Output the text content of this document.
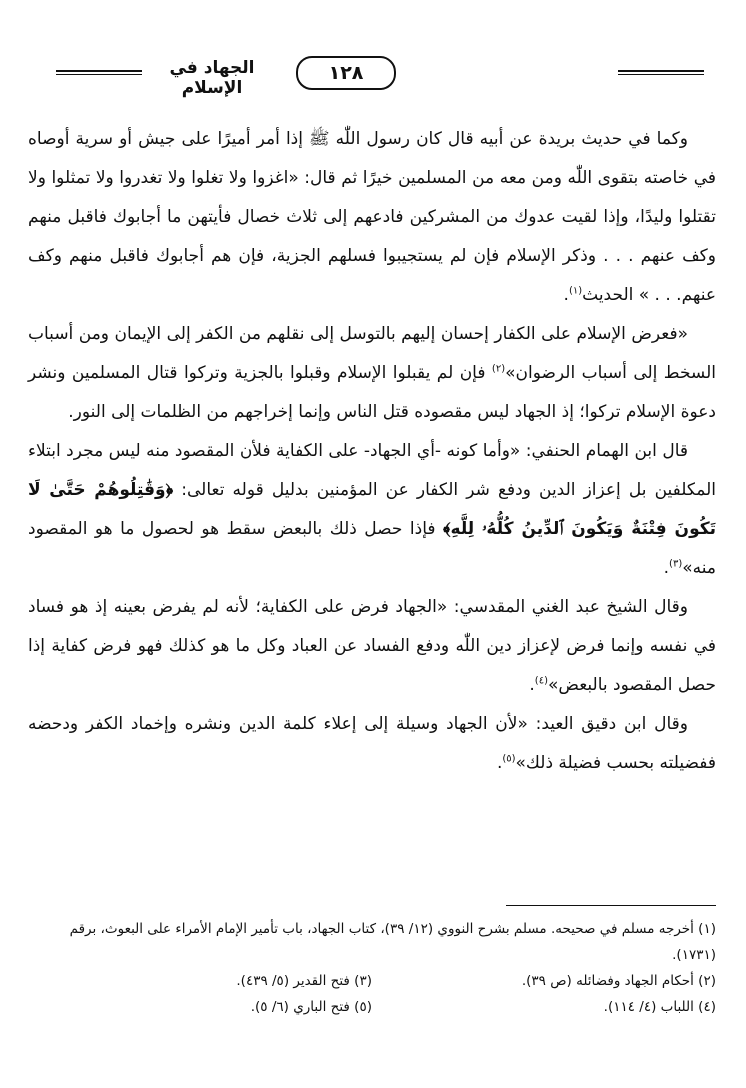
الجهاد في الإسلام
١٢٨

وكما في حديث بريدة عن أبيه قال كان رسول اللّٰه ﷺ إذا أمر أميرًا على جيش أو سرية أوصاه في خاصته بتقوى اللّٰه ومن معه من المسلمين خيرًا ثم قال: «اغزوا ولا تغلوا ولا تغدروا ولا تمثلوا ولا تقتلوا وليدًا، وإذا لقيت عدوك من المشركين فادعهم إلى ثلاث خصال فأيتهن ما أجابوك فاقبل منهم وكف عنهم . . . وذكر الإسلام فإن لم يستجيبوا فسلهم الجزية، فإن هم أجابوك فاقبل منهم وكف عنهم. . . » الحديث$^{(١)}$.

«فعرض الإسلام على الكفار إحسان إليهم بالتوسل إلى نقلهم من الكفر إلى الإيمان ومن أسباب السخط إلى أسباب الرضوان»$^{(٢)}$ فإن لم يقبلوا الإسلام وقبلوا بالجزية وتركوا قتال المسلمين ونشر دعوة الإسلام تركوا؛ إذ الجهاد ليس مقصوده قتل الناس وإنما إخراجهم من الظلمات إلى النور.

قال ابن الهمام الحنفي: «وأما كونه -أي الجهاد- على الكفاية فلأن المقصود منه ليس مجرد ابتلاء المكلفين بل إعزاز الدين ودفع شر الكفار عن المؤمنين بدليل قوله تعالى: ﴿وَقَٰتِلُوهُمْ حَتَّىٰ لَا تَكُونَ فِتْنَةٌ وَيَكُونَ ٱلدِّينُ كُلُّهُۥ لِلَّهِ﴾ فإذا حصل ذلك بالبعض سقط هو لحصول ما هو المقصود منه»$^{(٣)}$.

وقال الشيخ عبد الغني المقدسي: «الجهاد فرض على الكفاية؛ لأنه لم يفرض بعينه إذ هو فساد في نفسه وإنما فرض لإعزاز دين اللّٰه ودفع الفساد عن العباد وكل ما هو كذلك فهو فرض كفاية إذا حصل المقصود بالبعض»$^{(٤)}$.

وقال ابن دقيق العيد: «لأن الجهاد وسيلة إلى إعلاء كلمة الدين ونشره وإخماد الكفر ودحضه ففضيلته بحسب فضيلة ذلك»$^{(٥)}$.

(١) أخرجه مسلم في صحيحه. مسلم بشرح النووي (١٢/ ٣٩)، كتاب الجهاد، باب تأمير الإمام الأمراء على البعوث، برقم (١٧٣١).

(٢) أحكام الجهاد وفضائله (ص ٣٩).

(٣) فتح القدير (٥/ ٤٣٩).

(٤) اللباب (٤/ ١١٤).

(٥) فتح الباري (٦/ ٥).
